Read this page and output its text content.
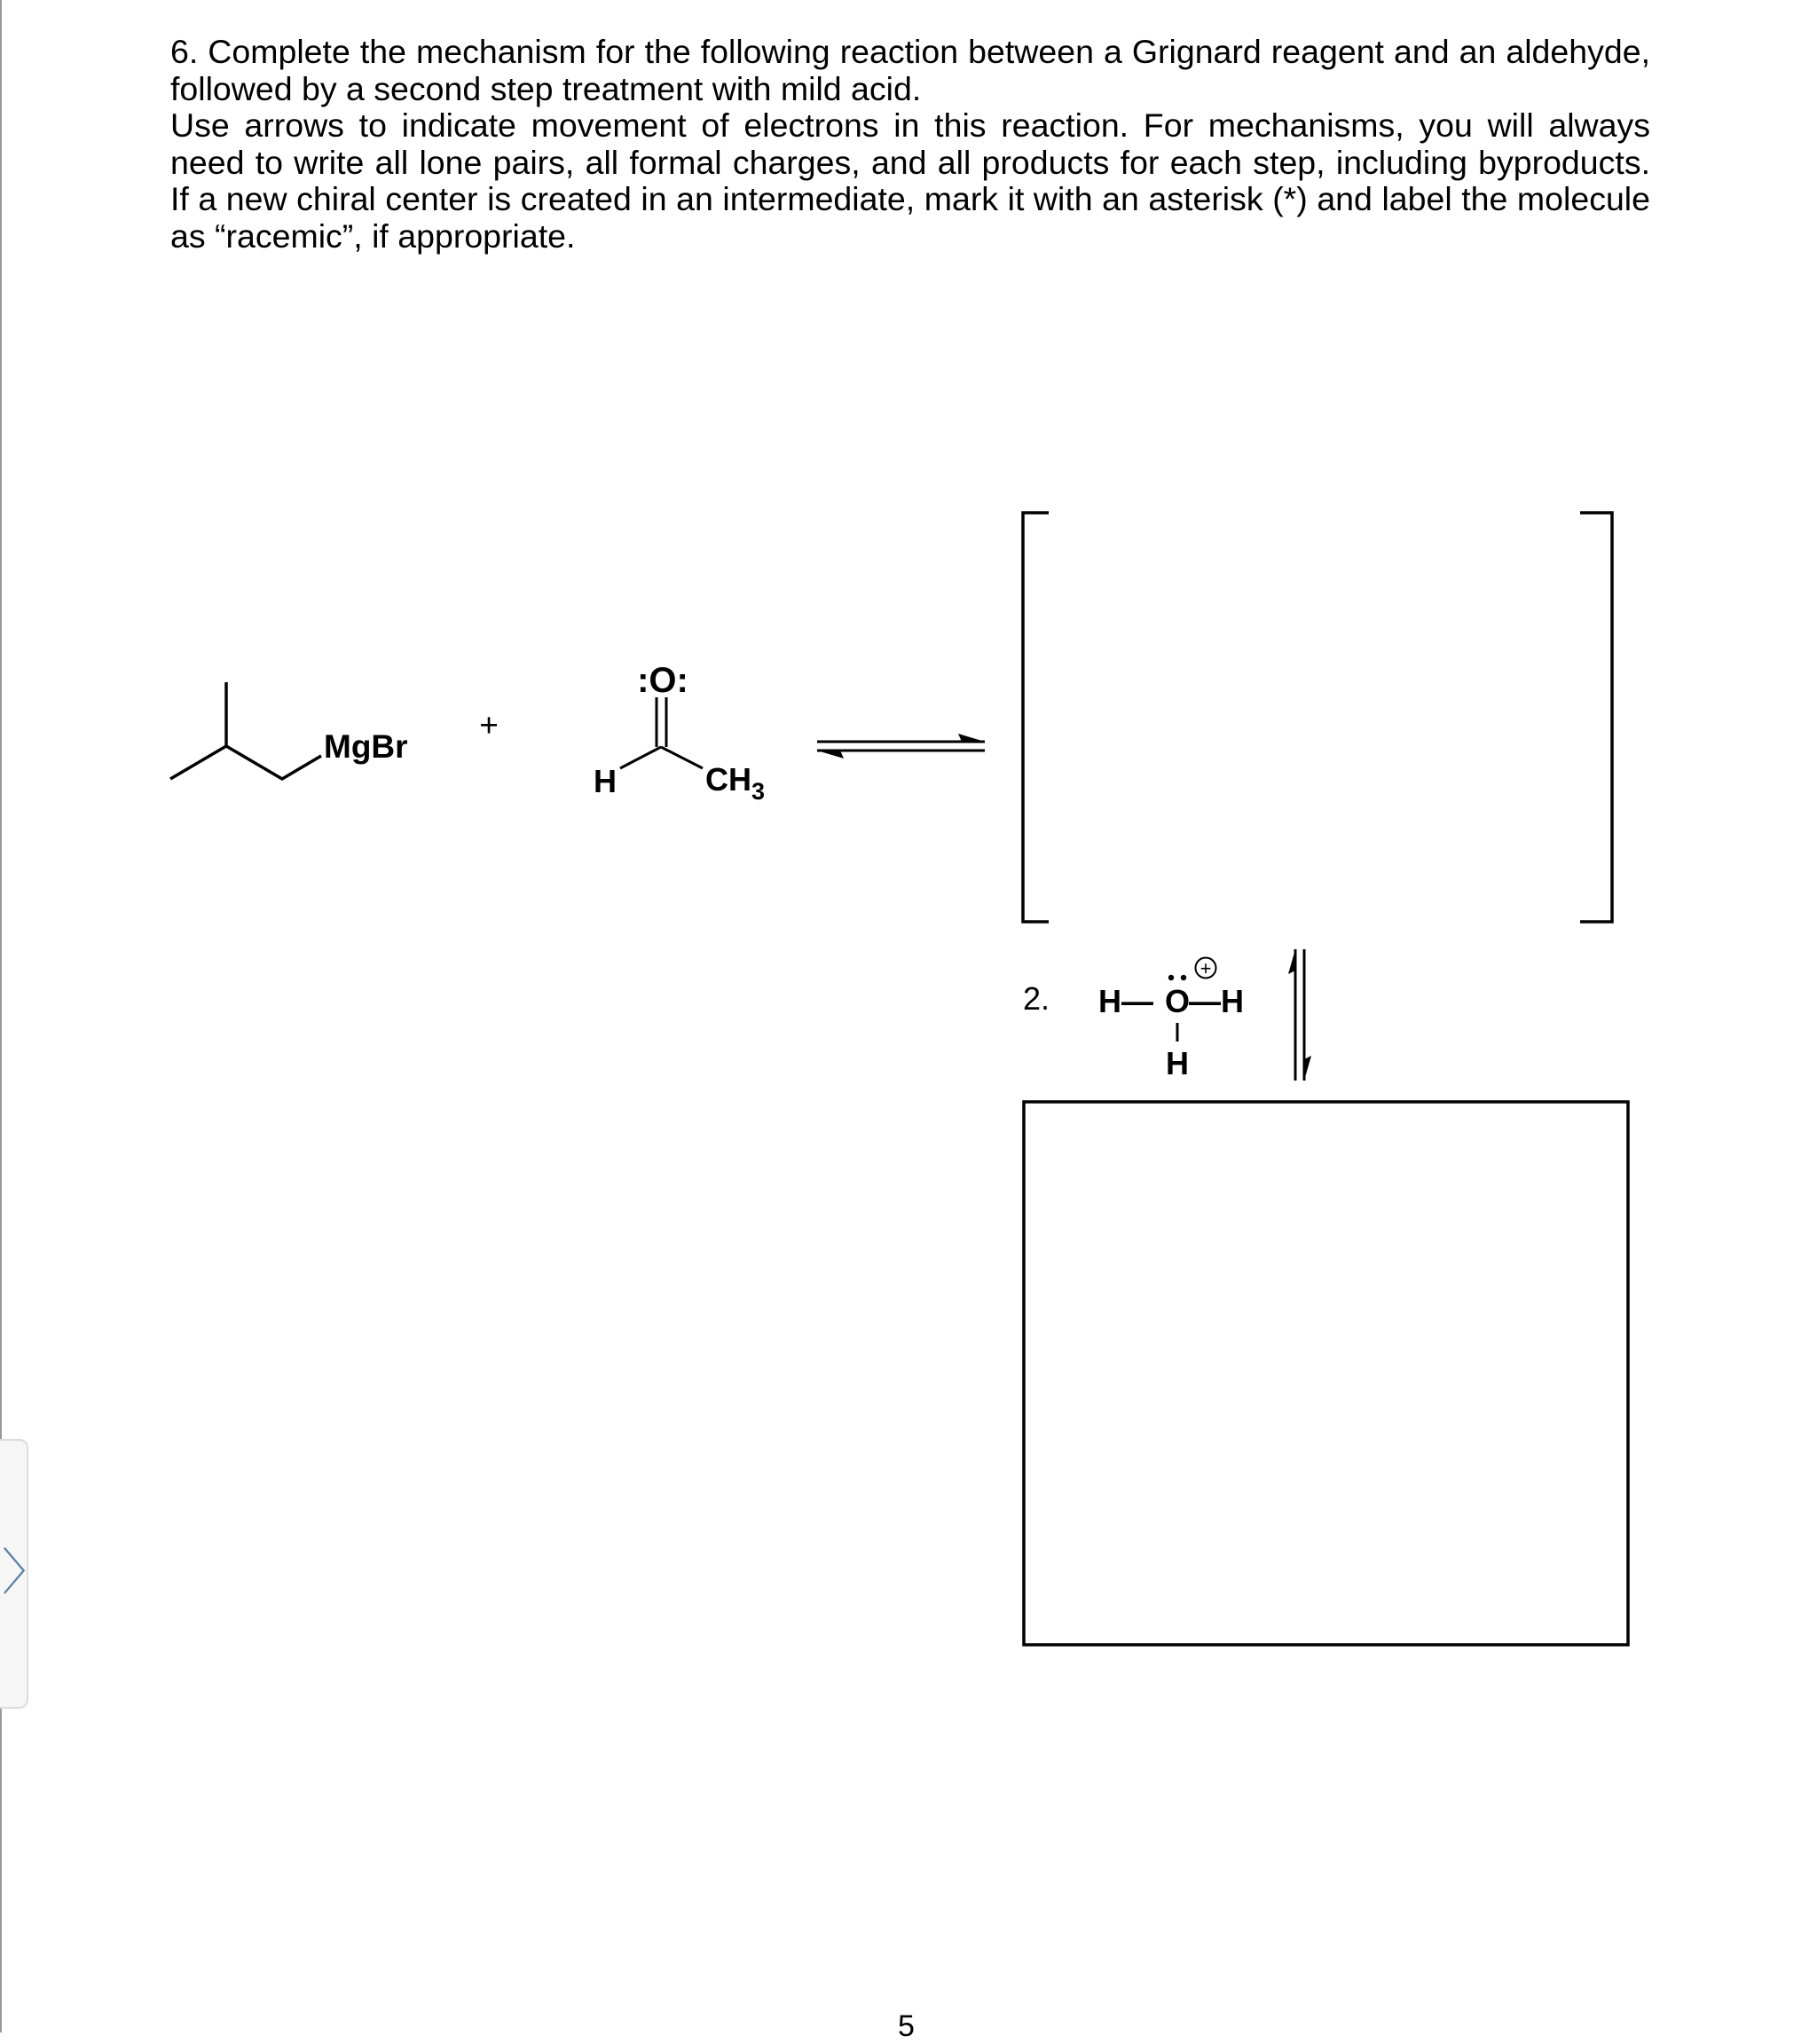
6. Complete the mechanism for the following reaction between a Grignard reagent and an aldehyde, followed by a second step treatment with mild acid.

Use arrows to indicate movement of electrons in this reaction. For mechanisms, you will always need to write all lone pairs, all formal charges, and all products for each step, including byproducts. If a new chiral center is created in an intermediate, mark it with an asterisk (*) and label the molecule as “racemic”, if appropriate.

MgBr
+
:O:
H	$CH_3$
2. H— O
—H
+
H
〉
5
